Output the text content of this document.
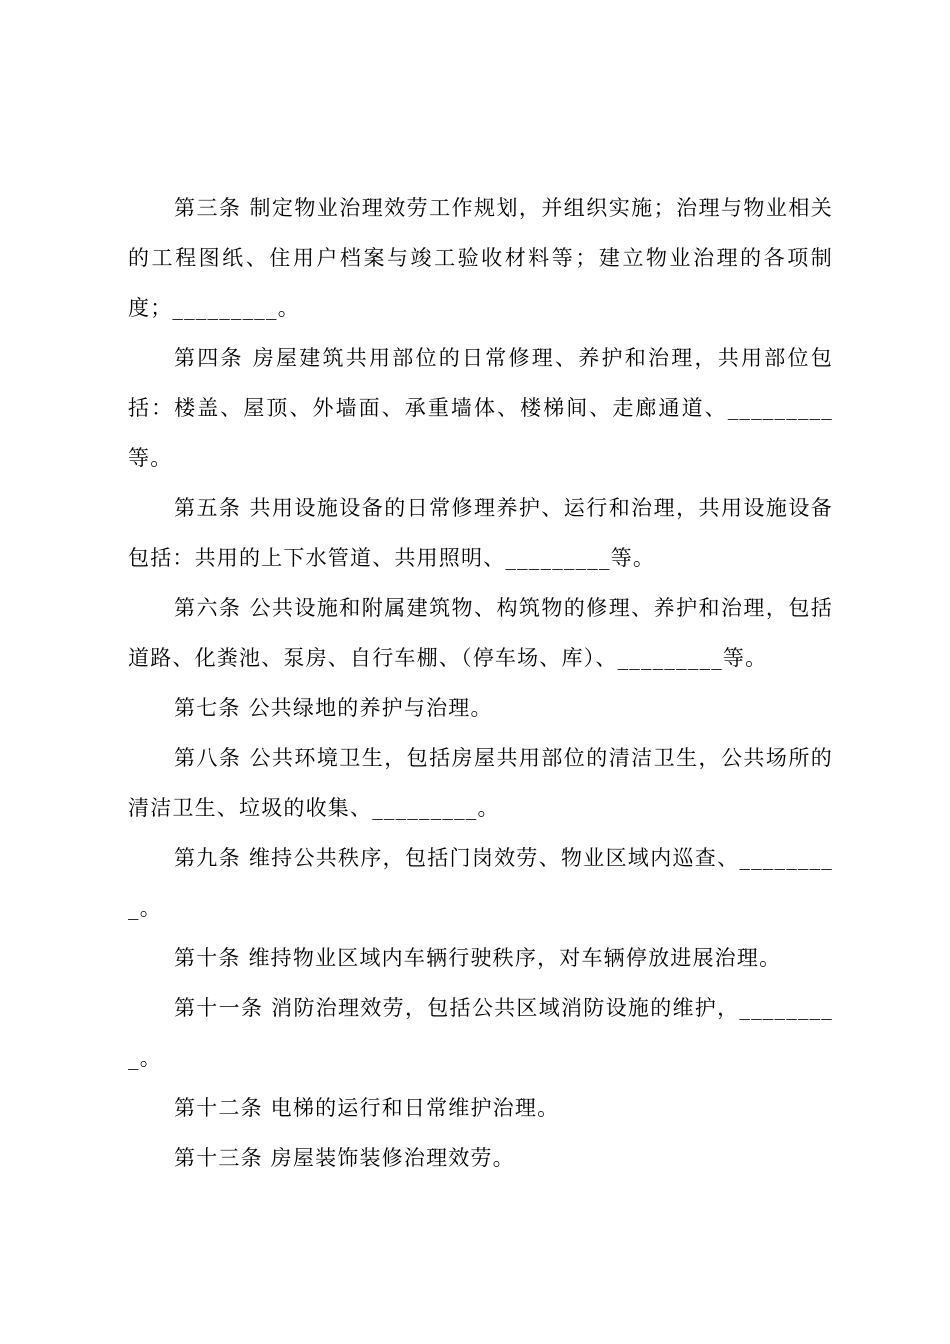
第三条 制定物业治理效劳工作规划，并组织实施；治理与物业相关的工程图纸、住用户档案与竣工验收材料等；建立物业治理的各项制度；_________。

第四条 房屋建筑共用部位的日常修理、养护和治理，共用部位包括：楼盖、屋顶、外墙面、承重墙体、楼梯间、走廊通道、_________等。

第五条 共用设施设备的日常修理养护、运行和治理，共用设施设备包括：共用的上下水管道、共用照明、_________等。

第六条 公共设施和附属建筑物、构筑物的修理、养护和治理，包括道路、化粪池、泵房、自行车棚、（停车场、库）、_________等。

第七条 公共绿地的养护与治理。

第八条 公共环境卫生，包括房屋共用部位的清洁卫生，公共场所的清洁卫生、垃圾的收集、_________。

第九条 维持公共秩序，包括门岗效劳、物业区域内巡查、_________。

第十条 维持物业区域内车辆行驶秩序，对车辆停放进展治理。

第十一条 消防治理效劳，包括公共区域消防设施的维护，_________。

第十二条 电梯的运行和日常维护治理。

第十三条 房屋装饰装修治理效劳。
